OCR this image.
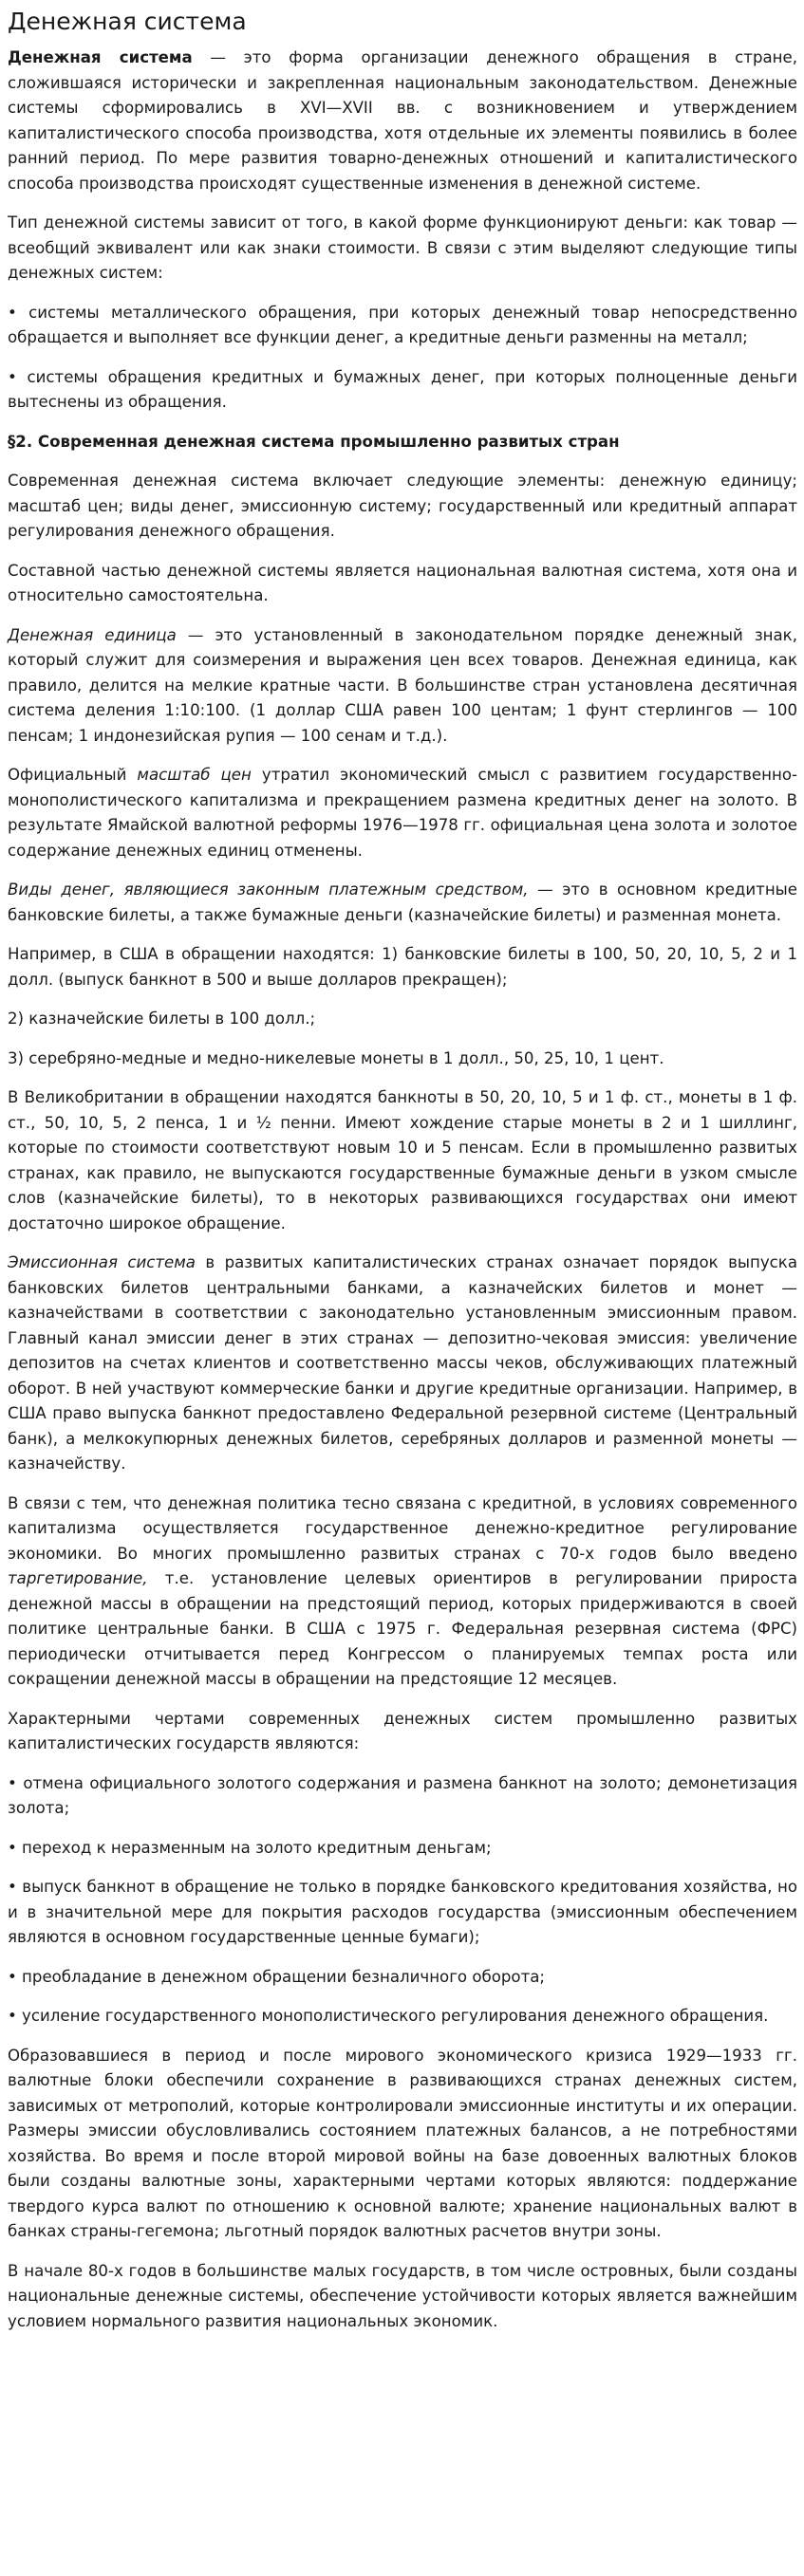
Денежная система

Денежная система — это форма организации денежного обращения в стране, сложившаяся исторически и закрепленная национальным законодательством. Денежные системы сформировались в XVI—XVII вв. с возникновением и утверждением капиталистического способа производства, хотя отдельные их элементы появились в более ранний период. По мере развития товарно-денежных отношений и капиталистического способа производства происходят существенные изменения в денежной системе.

Тип денежной системы зависит от того, в какой форме функционируют деньги: как товар — всеобщий эквивалент или как знаки стоимости. В связи с этим выделяют следующие типы денежных систем:

• системы металлического обращения, при которых денежный товар непосредственно обращается и выполняет все функции денег, а кредитные деньги разменны на металл;

• системы обращения кредитных и бумажных денег, при которых полноценные деньги вытеснены из обращения.

§2. Современная денежная система промышленно развитых стран

Современная денежная система включает следующие элементы: денежную единицу; масштаб цен; виды денег, эмиссионную систему; государственный или кредитный аппарат регулирования денежного обращения.

Составной частью денежной системы является национальная валютная система, хотя она и относительно самостоятельна.

Денежная единица — это установленный в законодательном порядке денежный знак, который служит для соизмерения и выражения цен всех товаров. Денежная единица, как правило, делится на мелкие кратные части. В большинстве стран установлена десятичная система деления 1:10:100. (1 доллар США равен 100 центам; 1 фунт стерлингов — 100 пенсам; 1 индонезийская рупия — 100 сенам и т.д.).

Официальный масштаб цен утратил экономический смысл с развитием государственно-монополистического капитализма и прекращением размена кредитных денег на золото. В результате Ямайской валютной реформы 1976—1978 гг. официальная цена золота и золотое содержание денежных единиц отменены.

Виды денег, являющиеся законным платежным средством, — это в основном кредитные банковские билеты, а также бумажные деньги (казначейские билеты) и разменная монета.

Например, в США в обращении находятся: 1) банковские билеты в 100, 50, 20, 10, 5, 2 и 1 долл. (выпуск банкнот в 500 и выше долларов прекращен);

2) казначейские билеты в 100 долл.;

3) серебряно-медные и медно-никелевые монеты в 1 долл., 50, 25, 10, 1 цент.

В Великобритании в обращении находятся банкноты в 50, 20, 10, 5 и 1 ф. ст., монеты в 1 ф. ст., 50, 10, 5, 2 пенса, 1 и ½ пенни. Имеют хождение старые монеты в 2 и 1 шиллинг, которые по стоимости соответствуют новым 10 и 5 пенсам. Если в промышленно развитых странах, как правило, не выпускаются государственные бумажные деньги в узком смысле слов (казначейские билеты), то в некоторых развивающихся государствах они имеют достаточно широкое обращение.

Эмиссионная система в развитых капиталистических странах означает порядок выпуска банковских билетов центральными банками, а казначейских билетов и монет — казначействами в соответствии с законодательно установленным эмиссионным правом. Главный канал эмиссии денег в этих странах — депозитно-чековая эмиссия: увеличение депозитов на счетах клиентов и соответственно массы чеков, обслуживающих платежный оборот. В ней участвуют коммерческие банки и другие кредитные организации. Например, в США право выпуска банкнот предоставлено Федеральной резервной системе (Центральный банк), а мелкокупюрных денежных билетов, серебряных долларов и разменной монеты — казначейству.

В связи с тем, что денежная политика тесно связана с кредитной, в условиях современного капитализма осуществляется государственное денежно-кредитное регулирование экономики. Во многих промышленно развитых странах с 70-х годов было введено таргетирование, т.е. установление целевых ориентиров в регулировании прироста денежной массы в обращении на предстоящий период, которых придерживаются в своей политике центральные банки. В США с 1975 г. Федеральная резервная система (ФРС) периодически отчитывается перед Конгрессом о планируемых темпах роста или сокращении денежной массы в обращении на предстоящие 12 месяцев.

Характерными чертами современных денежных систем промышленно развитых капиталистических государств являются:

• отмена официального золотого содержания и размена банкнот на золото; демонетизация золота;

• переход к неразменным на золото кредитным деньгам;

• выпуск банкнот в обращение не только в порядке банковского кредитования хозяйства, но и в значительной мере для покрытия расходов государства (эмиссионным обеспечением являются в основном государственные ценные бумаги);

• преобладание в денежном обращении безналичного оборота;

• усиление государственного монополистического регулирования денежного обращения.

Образовавшиеся в период и после мирового экономического кризиса 1929—1933 гг. валютные блоки обеспечили сохранение в развивающихся странах денежных систем, зависимых от метрополий, которые контролировали эмиссионные институты и их операции. Размеры эмиссии обусловливались состоянием платежных балансов, а не потребностями хозяйства. Во время и после второй мировой войны на базе довоенных валютных блоков были созданы валютные зоны, характерными чертами которых являются: поддержание твердого курса валют по отношению к основной валюте; хранение национальных валют в банках страны-гегемона; льготный порядок валютных расчетов внутри зоны.

В начале 80-х годов в большинстве малых государств, в том числе островных, были созданы национальные денежные системы, обеспечение устойчивости которых является важнейшим условием нормального развития национальных экономик.
